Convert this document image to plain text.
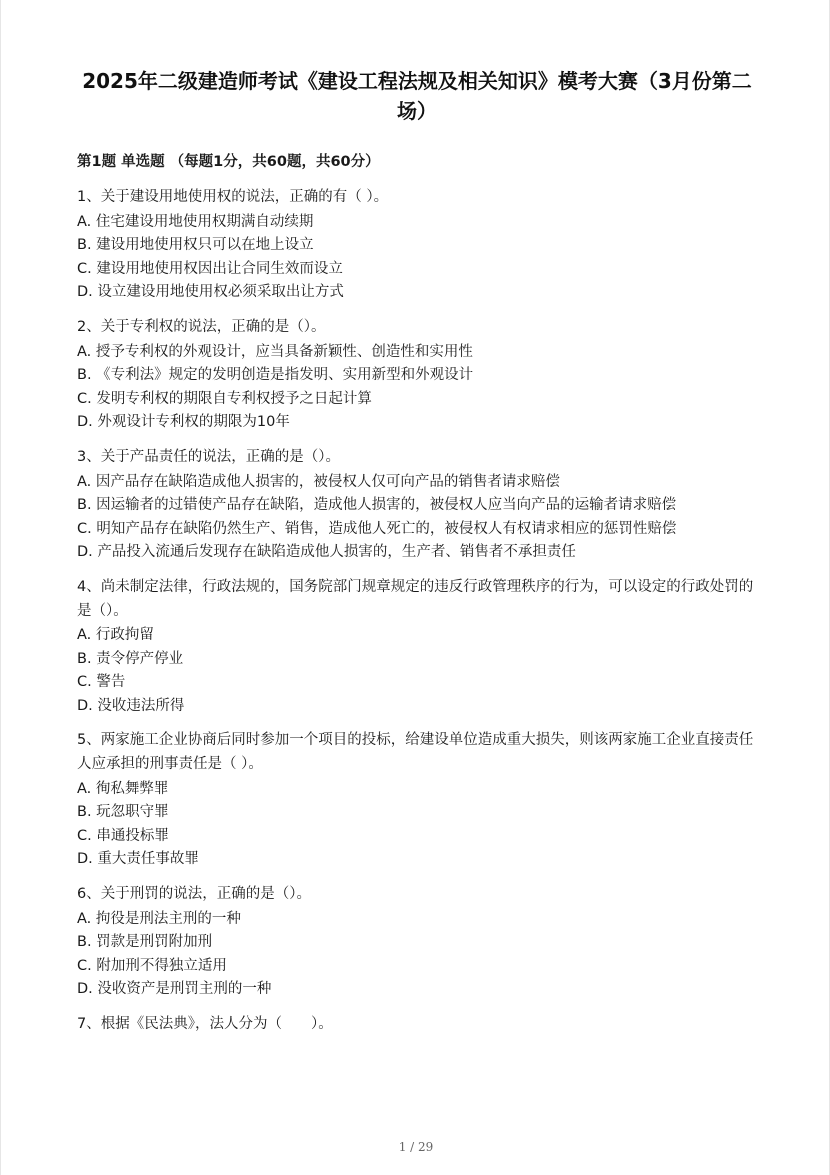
2025年二级建造师考试《建设工程法规及相关知识》模考大赛（3月份第二场）
第1题 单选题 （每题1分，共60题，共60分）
1、关于建设用地使用权的说法，正确的有（ ）。
A. 住宅建设用地使用权期满自动续期
B. 建设用地使用权只可以在地上设立
C. 建设用地使用权因出让合同生效而设立
D. 设立建设用地使用权必须采取出让方式
2、关于专利权的说法，正确的是（）。
A. 授予专利权的外观设计，应当具备新颖性、创造性和实用性
B. 《专利法》规定的发明创造是指发明、实用新型和外观设计
C. 发明专利权的期限自专利权授予之日起计算
D. 外观设计专利权的期限为10年
3、关于产品责任的说法，正确的是（）。
A. 因产品存在缺陷造成他人损害的，被侵权人仅可向产品的销售者请求赔偿
B. 因运输者的过错使产品存在缺陷，造成他人损害的，被侵权人应当向产品的运输者请求赔偿
C. 明知产品存在缺陷仍然生产、销售，造成他人死亡的，被侵权人有权请求相应的惩罚性赔偿
D. 产品投入流通后发现存在缺陷造成他人损害的，生产者、销售者不承担责任
4、尚未制定法律，行政法规的，国务院部门规章规定的违反行政管理秩序的行为，可以设定的行政处罚的是（）。
A. 行政拘留
B. 责令停产停业
C. 警告
D. 没收违法所得
5、两家施工企业协商后同时参加一个项目的投标，给建设单位造成重大损失，则该两家施工企业直接责任人应承担的刑事责任是（ ）。
A. 徇私舞弊罪
B. 玩忽职守罪
C. 串通投标罪
D. 重大责任事故罪
6、关于刑罚的说法，正确的是（）。
A. 拘役是刑法主刑的一种
B. 罚款是刑罚附加刑
C. 附加刑不得独立适用
D. 没收资产是刑罚主刑的一种
7、根据《民法典》，法人分为（　　）。
1 / 29
